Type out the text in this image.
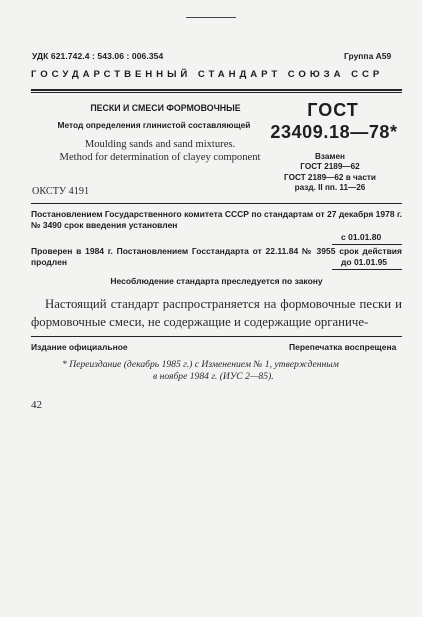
УДК 621.742.4 : 543.06 : 006.354	Группа А59
ГОСУДАРСТВЕННЫЙ СТАНДАРТ СОЮЗА ССР
ПЕСКИ И СМЕСИ ФОРМОВОЧНЫЕ
Метод определения глинистой составляющей
Moulding sands and sand mixtures.
Method for determination of clayey component
ГОСТ
23409.18—78*
Взамен
ГОСТ 2189—62
ГОСТ 2189—62 в части
разд. II пп. 11—26
ОКСТУ 4191
Постановлением Государственного комитета СССР по стандартам от 27 декабря 1978 г. № 3490 срок введения установлен
с 01.01.80
Проверен в 1984 г. Постановлением Госстандарта от 22.11.84 № 3955 срок действия продлен	до 01.01.95
Несоблюдение стандарта преследуется по закону
Настоящий стандарт распространяется на формовочные пески и формовочные смеси, не содержащие и содержащие органиче-
Издание официальное	Перепечатка воспрещена
* Переиздание (декабрь 1985 г.) с Изменением № 1, утвержденным
в ноябре 1984 г. (ИУС 2—85).
42
